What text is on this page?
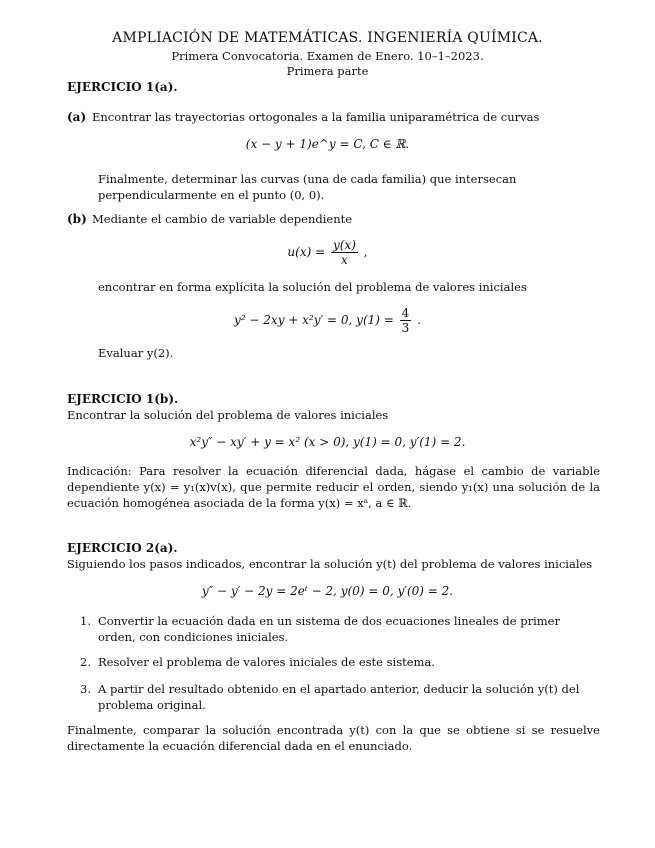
AMPLIACIÓN DE MATEMÁTICAS. INGENIERÍA QUÍMICA.
Primera Convocatoria. Examen de Enero. 10–1–2023.
Primera parte
EJERCICIO 1(a).
(a) Encontrar las trayectorias ortogonales a la familia uniparamétrica de curvas
(x − y + 1)e^y = C, C ∈ ℝ.
Finalmente, determinar las curvas (una de cada familia) que intersecan perpendicularmente en el punto (0, 0).
(b) Mediante el cambio de variable dependiente
$u(x) = \frac{y(x)}{x}$ ,
encontrar en forma explícita la solución del problema de valores iniciales
y² − 2xy + x²y′ = 0, $y(1) = \frac{4}{3}$ .
Evaluar y(2).
EJERCICIO 1(b).
Encontrar la solución del problema de valores iniciales
x²y″ − xy′ + y = x² (x > 0), y(1) = 0, y′(1) = 2.
Indicación: Para resolver la ecuación diferencial dada, hágase el cambio de variable dependiente y(x) = y₁(x)v(x), que permite reducir el orden, siendo y₁(x) una solución de la ecuación homogénea asociada de la forma y(x) = xᵃ, a ∈ ℝ.
EJERCICIO 2(a).
Siguiendo los pasos indicados, encontrar la solución y(t) del problema de valores iniciales
y″ − y′ − 2y = 2eᵗ − 2, y(0) = 0, y′(0) = 2.
1. Convertir la ecuación dada en un sistema de dos ecuaciones lineales de primer orden, con condiciones iniciales.
2. Resolver el problema de valores iniciales de este sistema.
3. A partir del resultado obtenido en el apartado anterior, deducir la solución y(t) del problema original.
Finalmente, comparar la solución encontrada y(t) con la que se obtiene si se resuelve directamente la ecuación diferencial dada en el enunciado.
